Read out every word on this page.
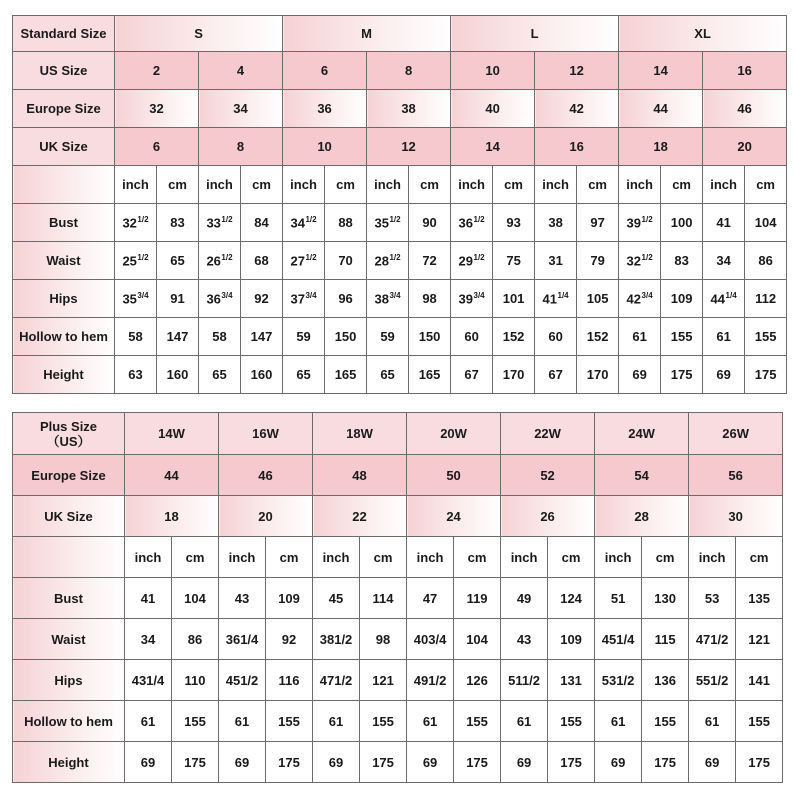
Standard Size	S				M				L				XL			
US Size	2		4		6		8		10		12		14		16	
Europe Size	32		34		36		38		40		42		44		46	
UK Size	6		8		10		12		14		16		18		20	
	inch	cm	inch	cm	inch	cm	inch	cm	inch	cm	inch	cm	inch	cm	inch	cm
Bust	$32^{1/2}$	83	$33^{1/2}$	84	$34^{1/2}$	88	$35^{1/2}$	90	$36^{1/2}$	93	38	97	$39^{1/2}$	100	41	104
Waist	$25^{1/2}$	65	$26^{1/2}$	68	$27^{1/2}$	70	$28^{1/2}$	72	$29^{1/2}$	75	31	79	$32^{1/2}$	83	34	86
Hips	$35^{3/4}$	91	$36^{3/4}$	92	$37^{3/4}$	96	$38^{3/4}$	98	$39^{3/4}$	101	$41^{1/4}$	105	$42^{3/4}$	109	$44^{1/4}$	112
Hollow to hem	58	147	58	147	59	150	59	150	60	152	60	152	61	155	61	155
Height	63	160	65	160	65	165	65	165	67	170	67	170	69	175	69	175
Plus Size
（US）	14W		16W		18W		20W		22W		24W		26W	
Europe Size	44		46		48		50		52		54		56	
UK Size	18		20		22		24		26		28		30	
	inch	cm	inch	cm	inch	cm	inch	cm	inch	cm	inch	cm	inch	cm
Bust	41	104	43	109	45	114	47	119	49	124	51	130	53	135
Waist	34	86	361/4	92	381/2	98	403/4	104	43	109	451/4	115	471/2	121
Hips	431/4	110	451/2	116	471/2	121	491/2	126	511/2	131	531/2	136	551/2	141
Hollow to hem	61	155	61	155	61	155	61	155	61	155	61	155	61	155
Height	69	175	69	175	69	175	69	175	69	175	69	175	69	175
